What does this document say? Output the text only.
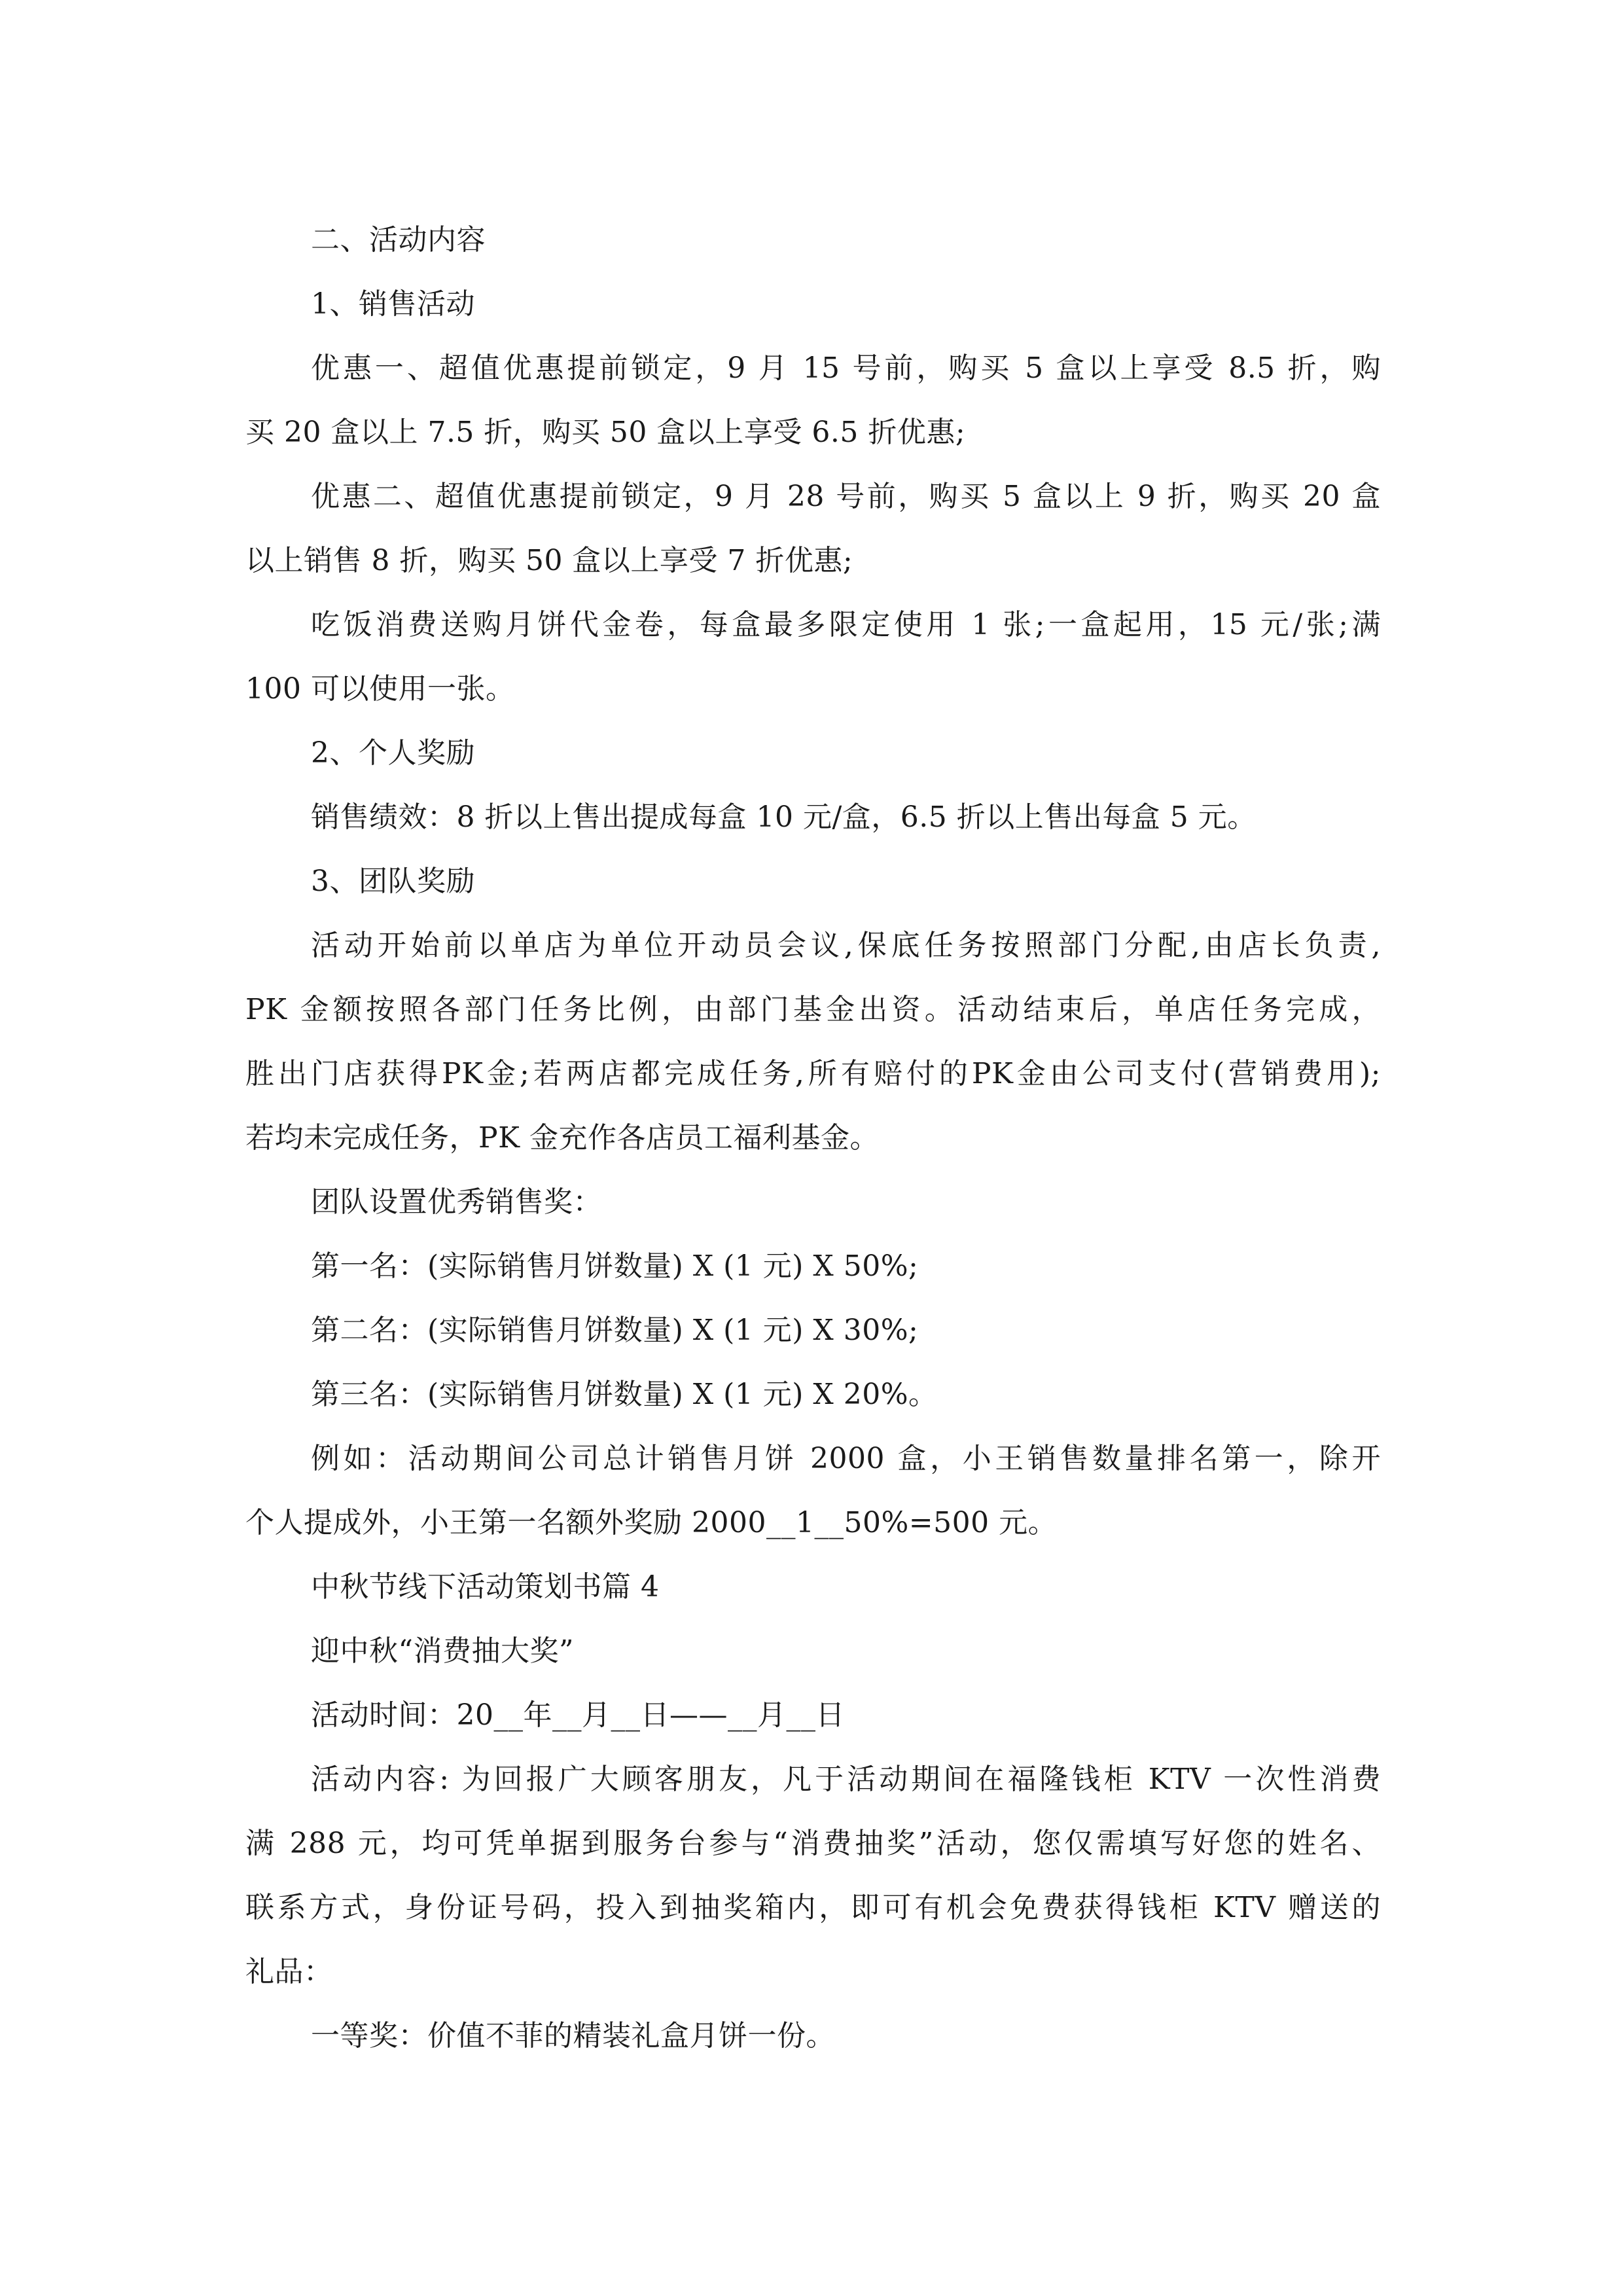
二、活动内容
1、销售活动
优惠一、超值优惠提前锁定，9 月 15 号前，购买 5 盒以上享受 8.5 折，购
买 20 盒以上 7.5 折，购买 50 盒以上享受 6.5 折优惠;
优惠二、超值优惠提前锁定，9 月 28 号前，购买 5 盒以上 9 折，购买 20 盒
以上销售 8 折，购买 50 盒以上享受 7 折优惠;
吃饭消费送购月饼代金卷，每盒最多限定使用 1 张;一盒起用，15 元/张;满
100 可以使用一张。
2、个人奖励
销售绩效：8 折以上售出提成每盒 10 元/盒，6.5 折以上售出每盒 5 元。
3、团队奖励
活动开始前以单店为单位开动员会议,保底任务按照部门分配,由店长负责,
PK 金额按照各部门任务比例，由部门基金出资。活动结束后，单店任务完成，
胜出门店获得PK金;若两店都完成任务,所有赔付的PK金由公司支付(营销费用);
若均未完成任务，PK 金充作各店员工福利基金。
团队设置优秀销售奖：
第一名：(实际销售月饼数量) X (1 元) X 50%;
第二名：(实际销售月饼数量) X (1 元) X 30%;
第三名：(实际销售月饼数量) X (1 元) X 20%。
例如：活动期间公司总计销售月饼 2000 盒，小王销售数量排名第一，除开
个人提成外，小王第一名额外奖励 2000__1__50%=500 元。
中秋节线下活动策划书篇 4
迎中秋“消费抽大奖”
活动时间：20__年__月__日——__月__日
活动内容: 为回报广大顾客朋友，凡于活动期间在福隆钱柜 KTV 一次性消费
满 288 元，均可凭单据到服务台参与“消费抽奖”活动，您仅需填写好您的姓名、
联系方式，身份证号码，投入到抽奖箱内，即可有机会免费获得钱柜 KTV 赠送的
礼品：
一等奖：价值不菲的精装礼盒月饼一份。
